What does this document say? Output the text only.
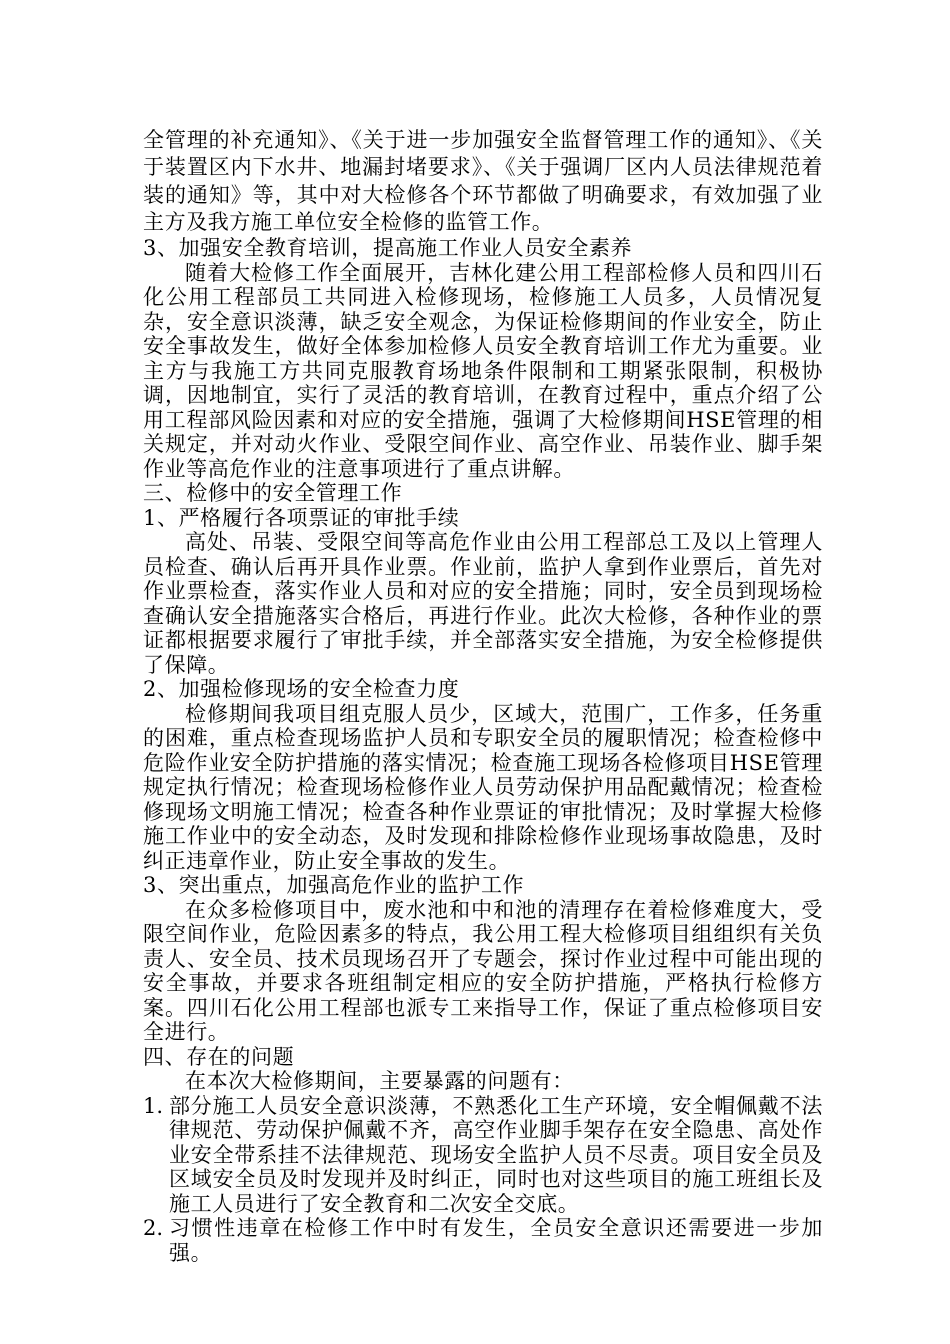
全管理的补充通知》、《关于进一步加强安全监督管理工作的通知》、《关于装置区内下水井、地漏封堵要求》、《关于强调厂区内人员法律规范着装的通知》等，其中对大检修各个环节都做了明确要求，有效加强了业主方及我方施工单位安全检修的监管工作。

3、加强安全教育培训，提高施工作业人员安全素养

随着大检修工作全面展开，吉林化建公用工程部检修人员和四川石化公用工程部员工共同进入检修现场，检修施工人员多，人员情况复杂，安全意识淡薄，缺乏安全观念，为保证检修期间的作业安全，防止安全事故发生，做好全体参加检修人员安全教育培训工作尤为重要。业主方与我施工方共同克服教育场地条件限制和工期紧张限制，积极协调，因地制宜，实行了灵活的教育培训，在教育过程中，重点介绍了公用工程部风险因素和对应的安全措施，强调了大检修期间HSE管理的相关规定，并对动火作业、受限空间作业、高空作业、吊装作业、脚手架作业等高危作业的注意事项进行了重点讲解。

三、检修中的安全管理工作

1、严格履行各项票证的审批手续

高处、吊装、受限空间等高危作业由公用工程部总工及以上管理人员检查、确认后再开具作业票。作业前，监护人拿到作业票后，首先对作业票检查，落实作业人员和对应的安全措施；同时，安全员到现场检查确认安全措施落实合格后，再进行作业。此次大检修，各种作业的票证都根据要求履行了审批手续，并全部落实安全措施，为安全检修提供了保障。

2、加强检修现场的安全检查力度

检修期间我项目组克服人员少，区域大，范围广，工作多，任务重的困难，重点检查现场监护人员和专职安全员的履职情况；检查检修中危险作业安全防护措施的落实情况；检查施工现场各检修项目HSE管理规定执行情况；检查现场检修作业人员劳动保护用品配戴情况；检查检修现场文明施工情况；检查各种作业票证的审批情况；及时掌握大检修施工作业中的安全动态，及时发现和排除检修作业现场事故隐患，及时纠正违章作业，防止安全事故的发生。

3、突出重点，加强高危作业的监护工作

在众多检修项目中，废水池和中和池的清理存在着检修难度大，受限空间作业，危险因素多的特点，我公用工程大检修项目组组织有关负责人、安全员、技术员现场召开了专题会，探讨作业过程中可能出现的安全事故，并要求各班组制定相应的安全防护措施，严格执行检修方案。四川石化公用工程部也派专工来指导工作，保证了重点检修项目安全进行。

四、存在的问题

在本次大检修期间，主要暴露的问题有：

1. 部分施工人员安全意识淡薄，不熟悉化工生产环境，安全帽佩戴不法律规范、劳动保护佩戴不齐，高空作业脚手架存在安全隐患、高处作业安全带系挂不法律规范、现场安全监护人员不尽责。项目安全员及区域安全员及时发现并及时纠正，同时也对这些项目的施工班组长及施工人员进行了安全教育和二次安全交底。
2. 习惯性违章在检修工作中时有发生，全员安全意识还需要进一步加强。
